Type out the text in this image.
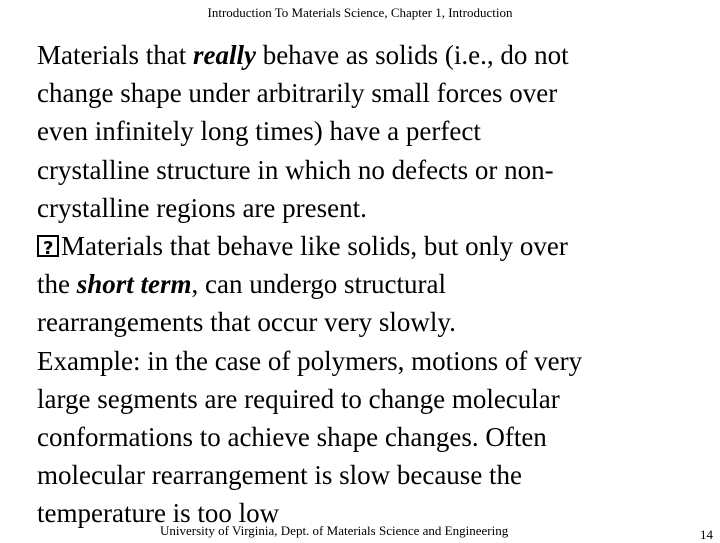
Introduction To Materials Science, Chapter 1, Introduction
Materials that really behave as solids (i.e., do not
change shape under arbitrarily small forces over
even infinitely long times) have a perfect
crystalline structure in which no defects or non-
crystalline regions are present.
?Materials that behave like solids, but only over
the short term, can undergo structural
rearrangements that occur very slowly.
Example: in the case of polymers, motions of very
large segments are required to change molecular
conformations to achieve shape changes. Often
molecular rearrangement is slow because the
temperature is too low
University of Virginia, Dept. of Materials Science and Engineering	14
